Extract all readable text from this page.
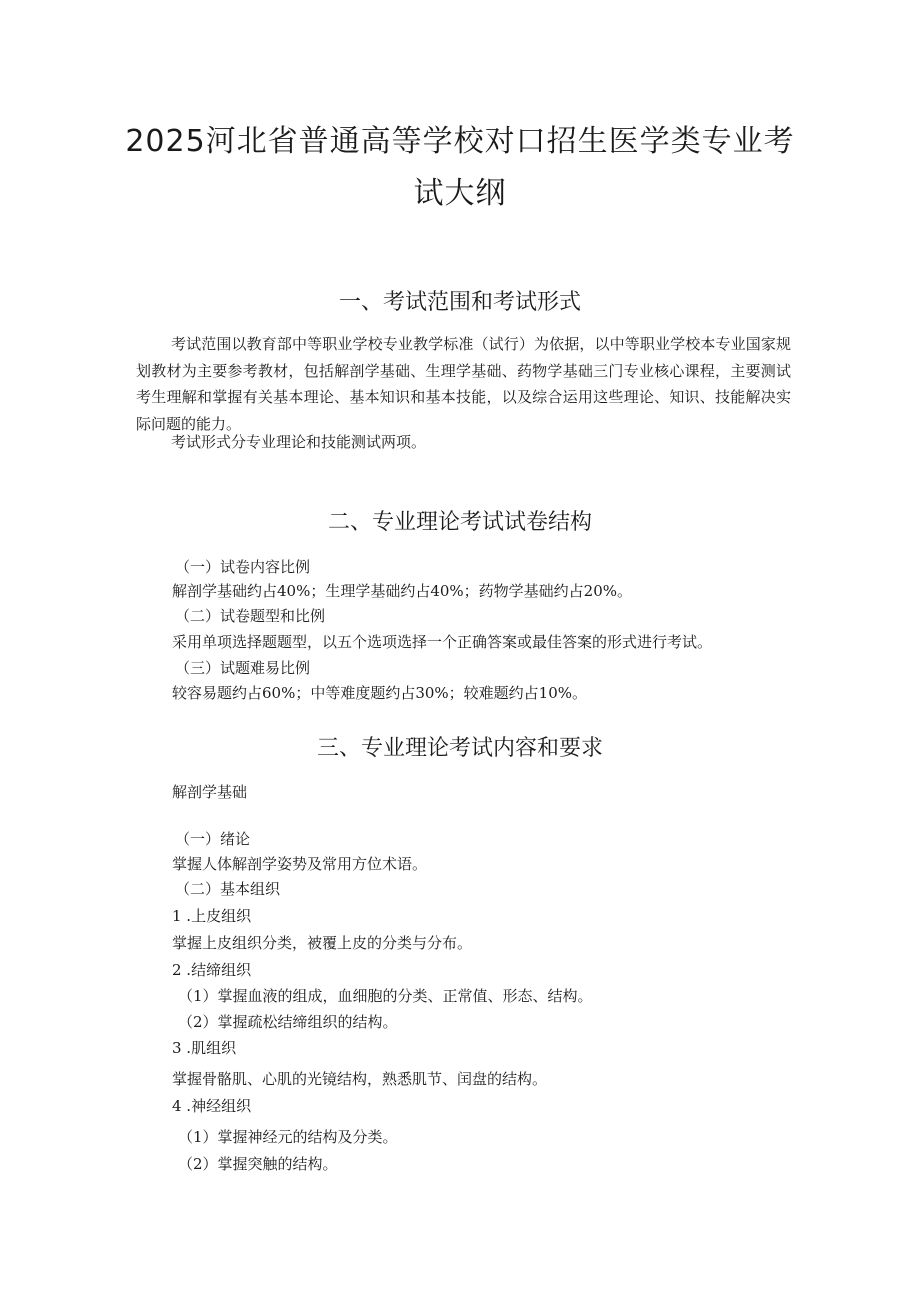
2025河北省普通高等学校对口招生医学类专业考
试大纲
一、考试范围和考试形式
考试范围以教育部中等职业学校专业教学标准（试行）为依据，以中等职业学校本专业国家规划教材为主要参考教材，包括解剖学基础、生理学基础、药物学基础三门专业核心课程，主要测试考生理解和掌握有关基本理论、基本知识和基本技能，以及综合运用这些理论、知识、技能解决实际问题的能力。
考试形式分专业理论和技能测试两项。
二、专业理论考试试卷结构
（一）试卷内容比例
解剖学基础约占40%；生理学基础约占40%；药物学基础约占20%。
（二）试卷题型和比例
采用单项选择题题型，以五个选项选择一个正确答案或最佳答案的形式进行考试。
（三）试题难易比例
较容易题约占60%；中等难度题约占30%；较难题约占10%。
三、专业理论考试内容和要求
解剖学基础
（一）绪论
掌握人体解剖学姿势及常用方位术语。
（二）基本组织
1 .上皮组织
掌握上皮组织分类，被覆上皮的分类与分布。
2 .结缔组织
（1）掌握血液的组成，血细胞的分类、正常值、形态、结构。
（2）掌握疏松结缔组织的结构。
3 .肌组织
掌握骨骼肌、心肌的光镜结构，熟悉肌节、闰盘的结构。
4 .神经组织
（1）掌握神经元的结构及分类。
（2）掌握突触的结构。
